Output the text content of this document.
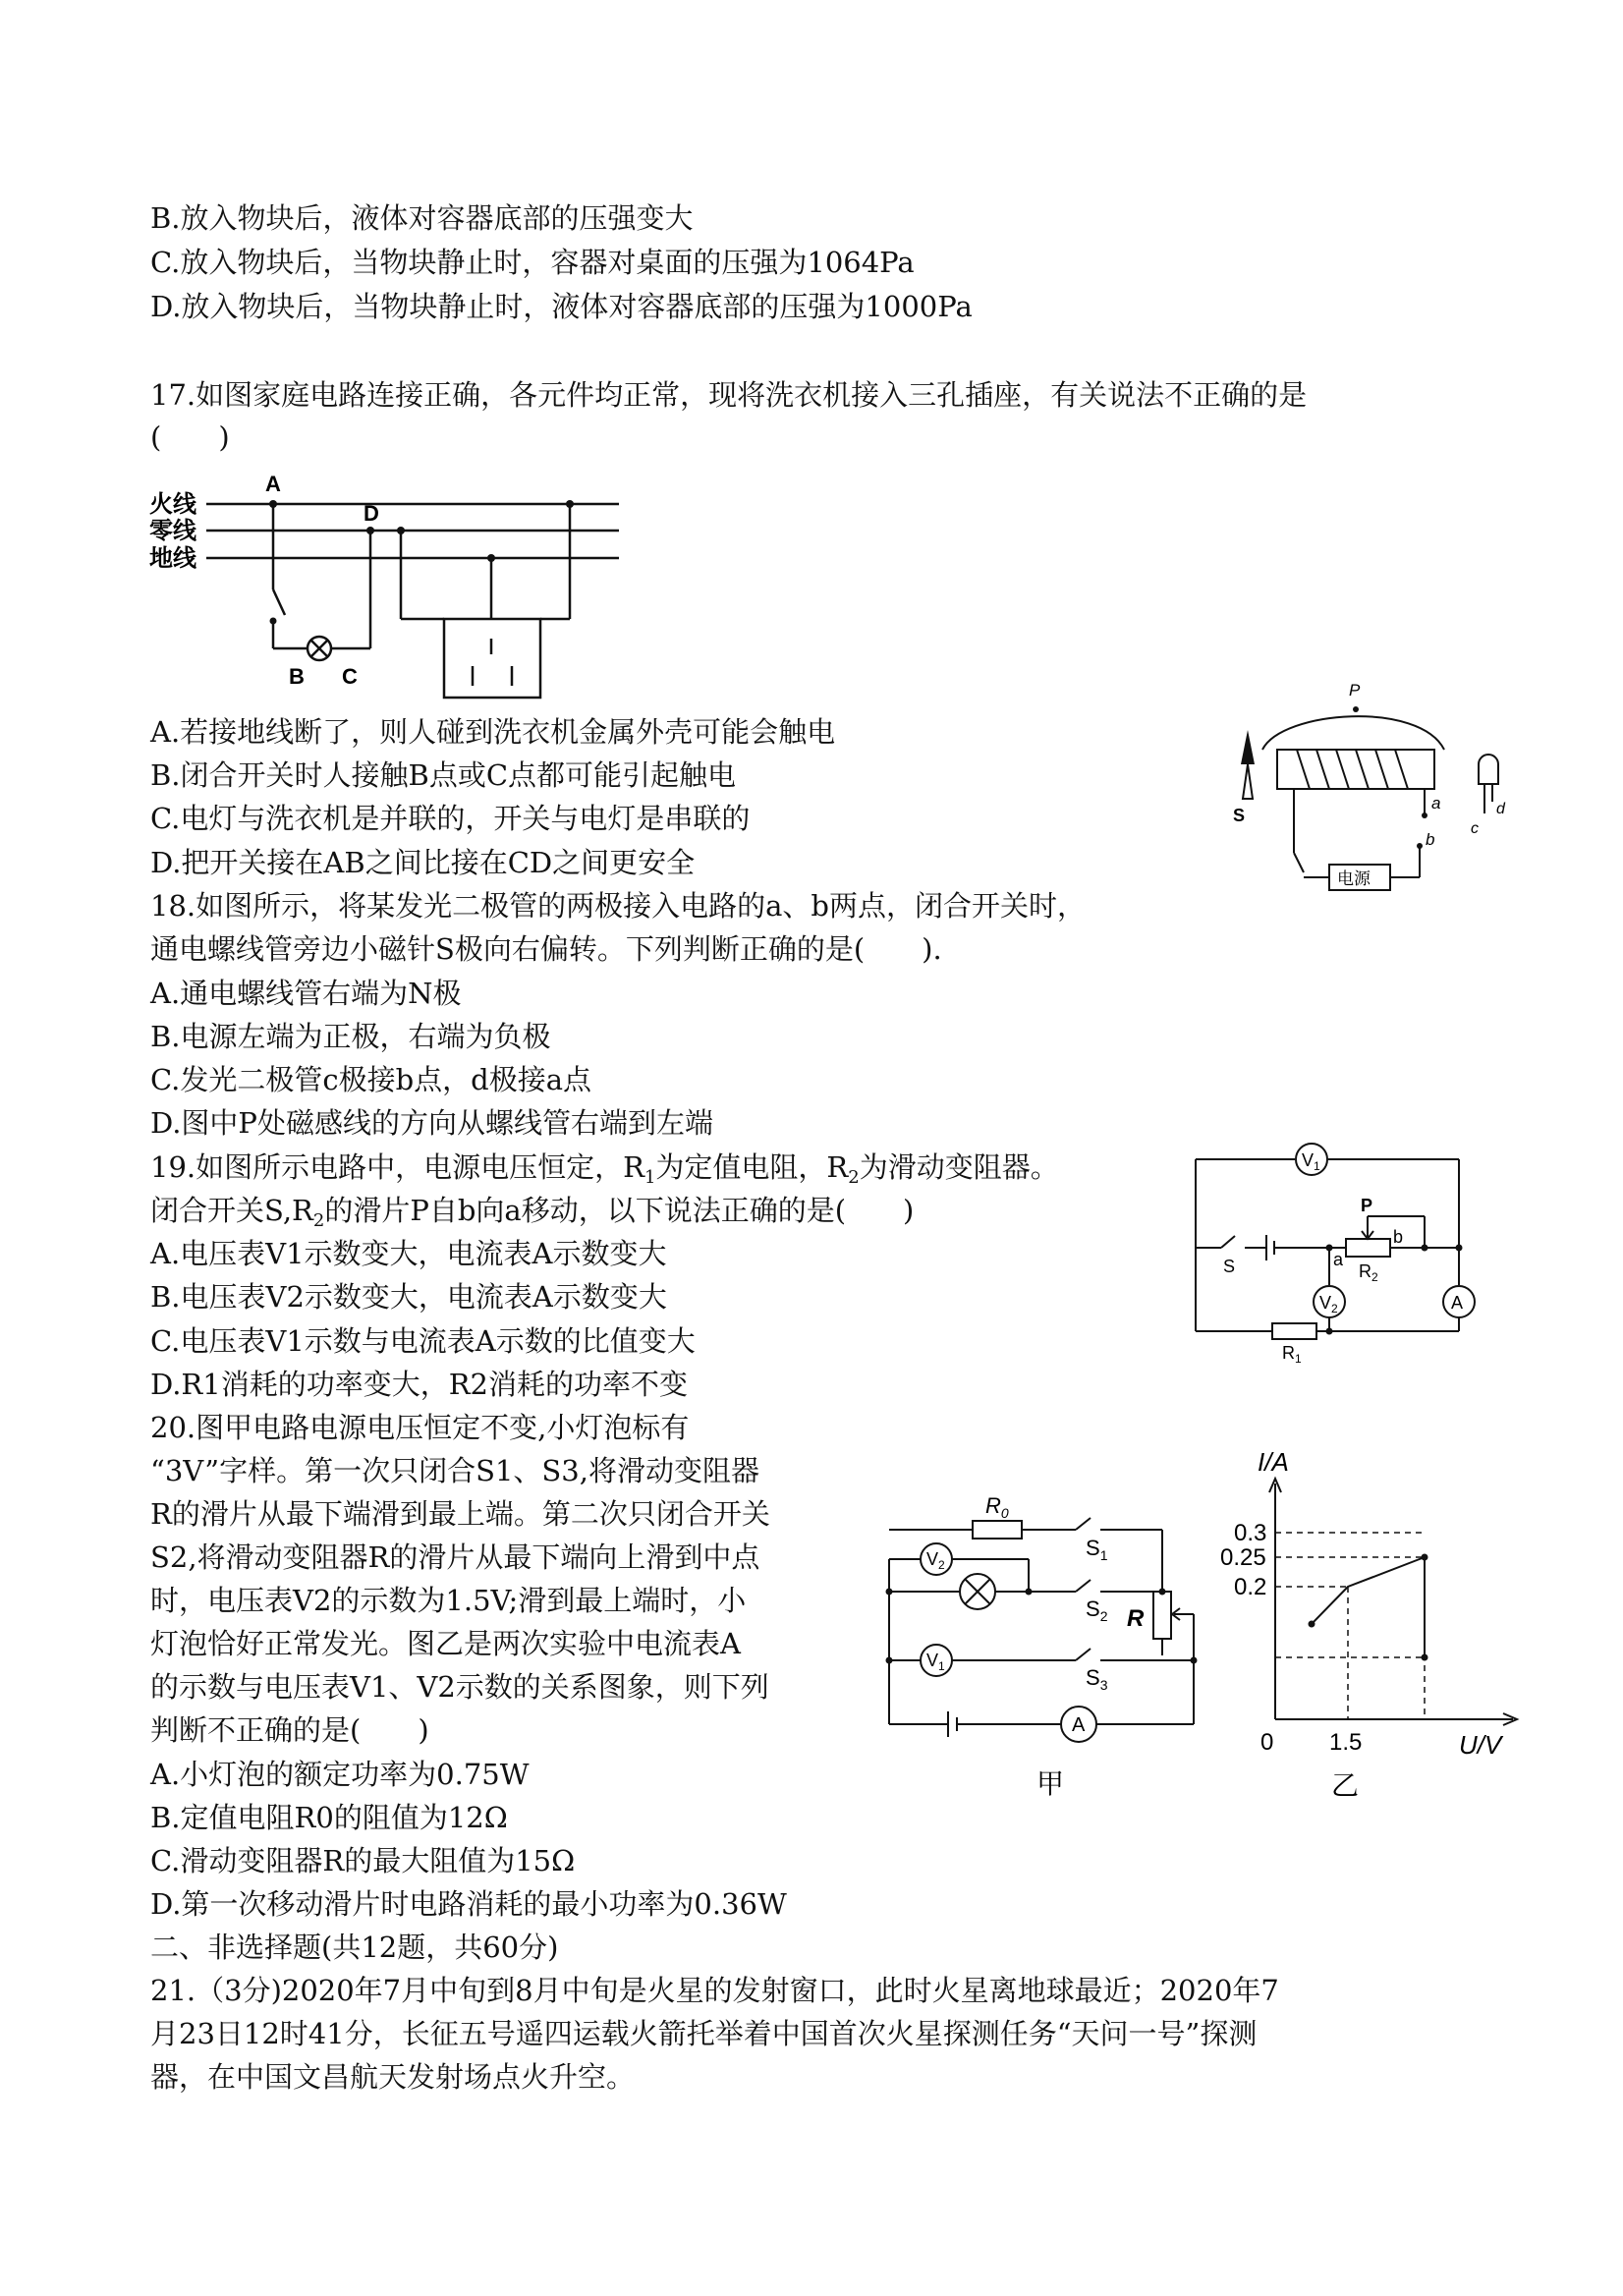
B.放入物块后，液体对容器底部的压强变大
C.放入物块后，当物块静止时，容器对桌面的压强为1064Pa
D.放入物块后，当物块静止时，液体对容器底部的压强为1000Pa
17.如图家庭电路连接正确，各元件均正常，现将洗衣机接入三孔插座，有关说法不正确的是
(　　)
火线
零线
地线
A
D
B C
A.若接地线断了，则人碰到洗衣机金属外壳可能会触电
B.闭合开关时人接触B点或C点都可能引起触电
C.电灯与洗衣机是并联的，开关与电灯是串联的
D.把开关接在AB之间比接在CD之间更安全
P
S
a
b
c
d
电源
18.如图所示，将某发光二极管的两极接入电路的a、b两点，闭合开关时，
通电螺线管旁边小磁针S极向右偏转。下列判断正确的是(　　).
A.通电螺线管右端为N极
B.电源左端为正极，右端为负极
C.发光二极管c极接b点，d极接a点
D.图中P处磁感线的方向从螺线管右端到左端
19.如图所示电路中，电源电压恒定，$R_1$为定值电阻，$R_2$为滑动变阻器。
闭合开关$S,R_2$的滑片P自b向a移动，以下说法正确的是(　　)
A.电压表V1示数变大，电流表A示数变大
B.电压表V2示数变大，电流表A示数变大
C.电压表V1示数与电流表A示数的比值变大
D.R1消耗的功率变大，R2消耗的功率不变
$V_1$
$V_2$	A
S
P
a
b
$R_2$
$R_1$
20.图甲电路电源电压恒定不变,小灯泡标有
“3V”字样。第一次只闭合S1、S3,将滑动变阻器
R的滑片从最下端滑到最上端。第二次只闭合开关
S2,将滑动变阻器R的滑片从最下端向上滑到中点
时，电压表V2的示数为1.5V;滑到最上端时，小
灯泡恰好正常发光。图乙是两次实验中电流表A
的示数与电压表V1、V2示数的关系图象，则下列
判断不正确的是(　　)
A.小灯泡的额定功率为0.75W
B.定值电阻R0的阻值为12Ω
C.滑动变阻器R的最大阻值为15Ω
D.第一次移动滑片时电路消耗的最小功率为0.36W
$R_0$
$S_1$
$S_2$
$S_3$
R
$V_1$
$V_2$
A
甲
I/A
U/V
0 1.5
0.3
0.25
0.2
乙
二、非选择题(共12题，共60分)
21.（3分)2020年7月中旬到8月中旬是火星的发射窗口，此时火星离地球最近；2020年7
月23日12时41分，长征五号遥四运载火箭托举着中国首次火星探测任务“天问一号”探测
器，在中国文昌航天发射场点火升空。
